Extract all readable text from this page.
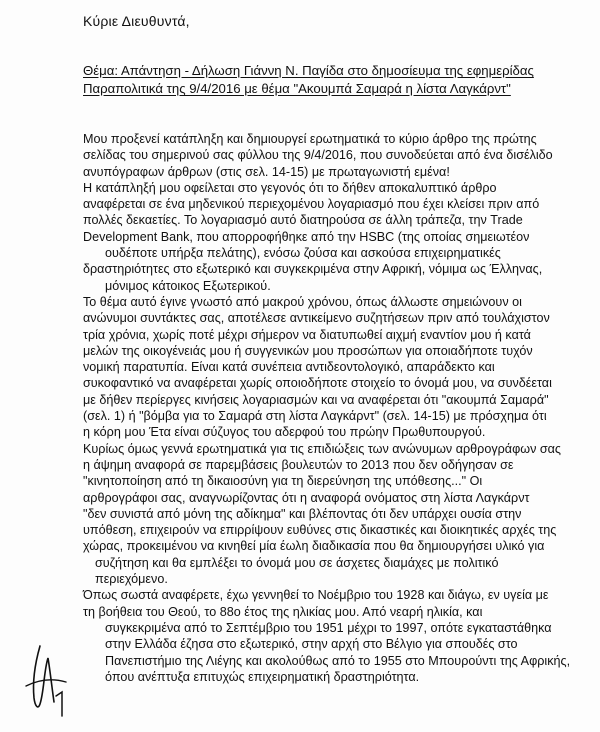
Κύριε Διευθυντά,
Θέμα: Απάντηση - Δήλωση Γιάννη Ν. Παγίδα στο δημοσίευμα της εφημερίδας
Παραπολιτικά της 9/4/2016 με θέμα "Ακουμπά Σαμαρά η λίστα Λαγκάρντ"
Μου προξενεί κατάπληξη και δημιουργεί ερωτηματικά το κύριο άρθρο της πρώτης
σελίδας του σημερινού σας φύλλου της 9/4/2016, που συνοδεύεται από ένα δισέλιδο
ανυπόγραφων άρθρων (στις σελ. 14-15) με πρωταγωνιστή εμένα!
Η κατάπληξή μου οφείλεται στο γεγονός ότι το δήθεν αποκαλυπτικό άρθρο
αναφέρεται σε ένα μηδενικού περιεχομένου λογαριασμό που έχει κλείσει πριν από
πολλές δεκαετίες. Το λογαριασμό αυτό διατηρούσα σε άλλη τράπεζα, την Trade
Development Bank, που απορροφήθηκε από την HSBC (της οποίας σημειωτέον
ουδέποτε υπήρξα πελάτης), ενόσω ζούσα και ασκούσα επιχειρηματικές
δραστηριότητες στο εξωτερικό και συγκεκριμένα στην Αφρική, νόμιμα ως Έλληνας,
μόνιμος κάτοικος Εξωτερικού.
Το θέμα αυτό έγινε γνωστό από μακρού χρόνου, όπως άλλωστε σημειώνουν οι
ανώνυμοι συντάκτες σας, αποτέλεσε αντικείμενο συζητήσεων πριν από τουλάχιστον
τρία χρόνια, χωρίς ποτέ μέχρι σήμερον να διατυπωθεί αιχμή εναντίον μου ή κατά
μελών της οικογένειάς μου ή συγγενικών μου προσώπων για οποιαδήποτε τυχόν
νομική παρατυπία. Είναι κατά συνέπεια αντιδεοντολογικό, απαράδεκτο και
συκοφαντικό να αναφέρεται χωρίς οποιοδήποτε στοιχείο το όνομά μου, να συνδέεται
με δήθεν περίεργες κινήσεις λογαριασμών και να αναφέρεται ότι "ακουμπά Σαμαρά"
(σελ. 1) ή "βόμβα για το Σαμαρά στη λίστα Λαγκάρντ" (σελ. 14-15) με πρόσχημα ότι
η κόρη μου Έτα είναι σύζυγος του αδερφού του πρώην Πρωθυπουργού.
Κυρίως όμως γεννά ερωτηματικά για τις επιδιώξεις των ανώνυμων αρθρογράφων σας
η άψημη αναφορά σε παρεμβάσεις βουλευτών το 2013 που δεν οδήγησαν σε
"κινητοποίηση από τη δικαιοσύνη για τη διερεύνηση της υπόθεσης..." Οι
αρθρογράφοι σας, αναγνωρίζοντας ότι η αναφορά ονόματος στη λίστα Λαγκάρντ
"δεν συνιστά από μόνη της αδίκημα" και βλέποντας ότι δεν υπάρχει ουσία στην
υπόθεση, επιχειρούν να επιρρίψουν ευθύνες στις δικαστικές και διοικητικές αρχές της
χώρας, προκειμένου να κινηθεί μία έωλη διαδικασία που θα δημιουργήσει υλικό για
συζήτηση και θα εμπλέξει το όνομά μου σε άσχετες διαμάχες με πολιτικό
περιεχόμενο.
Όπως σωστά αναφέρετε, έχω γεννηθεί το Νοέμβριο του 1928 και διάγω, εν υγεία με
τη βοήθεια του Θεού, το 88ο έτος της ηλικίας μου. Από νεαρή ηλικία, και
συγκεκριμένα από το Σεπτέμβριο του 1951 μέχρι το 1997, οπότε εγκαταστάθηκα
στην Ελλάδα έζησα στο εξωτερικό, στην αρχή στο Βέλγιο για σπουδές στο
Πανεπιστήμιο της Λιέγης και ακολούθως από το 1955 στο Μπουρούντι της Αφρικής,
όπου ανέπτυξα επιτυχώς επιχειρηματική δραστηριότητα.
